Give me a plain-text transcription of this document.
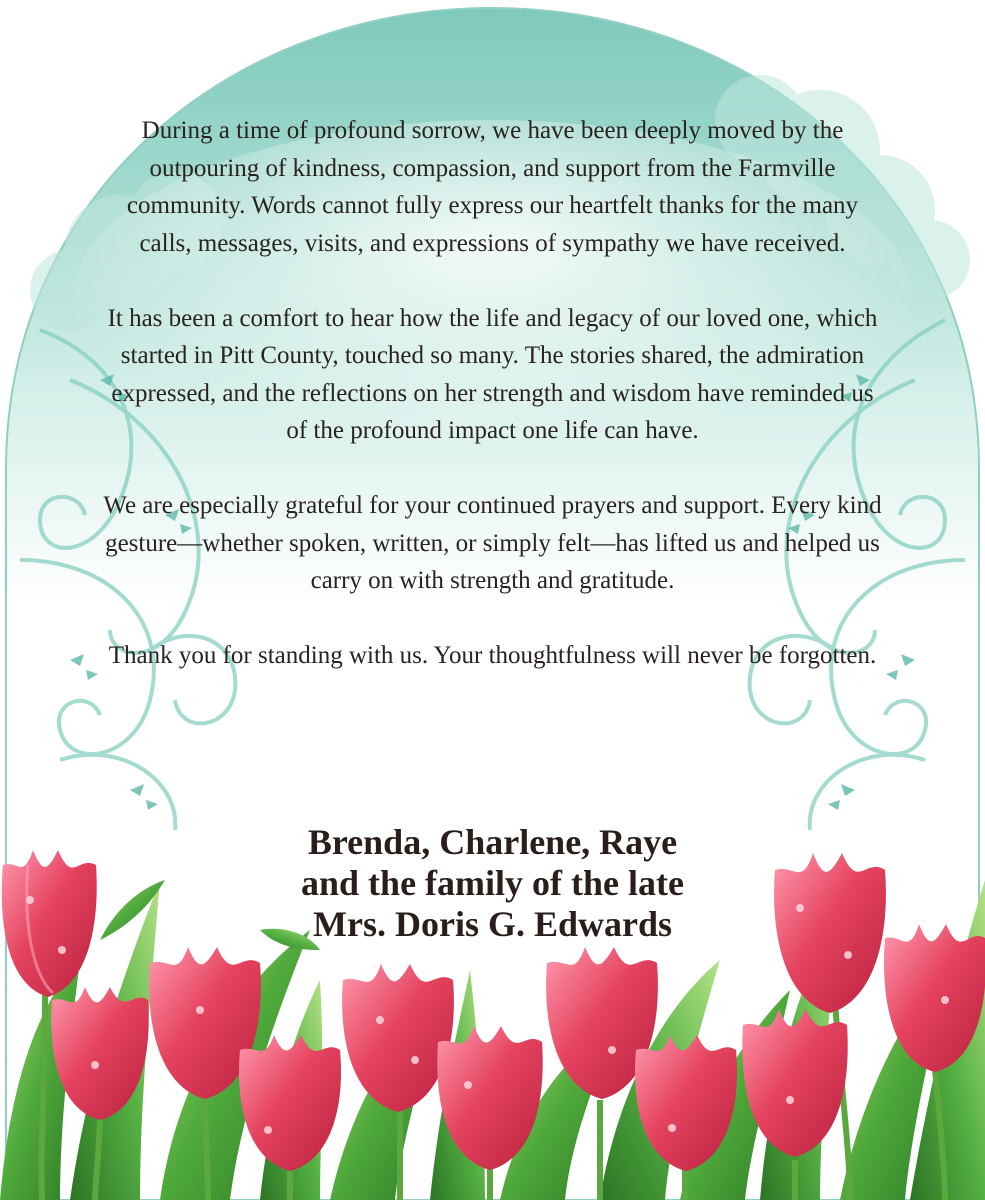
During a time of profound sorrow, we have been deeply moved by the outpouring of kindness, compassion, and support from the Farmville community. Words cannot fully express our heartfelt thanks for the many calls, messages, visits, and expressions of sympathy we have received.

It has been a comfort to hear how the life and legacy of our loved one, which started in Pitt County, touched so many. The stories shared, the admiration expressed, and the reflections on her strength and wisdom have reminded us of the profound impact one life can have.

We are especially grateful for your continued prayers and support. Every kind gesture—whether spoken, written, or simply felt—has lifted us and helped us carry on with strength and gratitude.

Thank you for standing with us. Your thoughtfulness will never be forgotten.

Brenda, Charlene, Raye
and the family of the late
Mrs. Doris G. Edwards
